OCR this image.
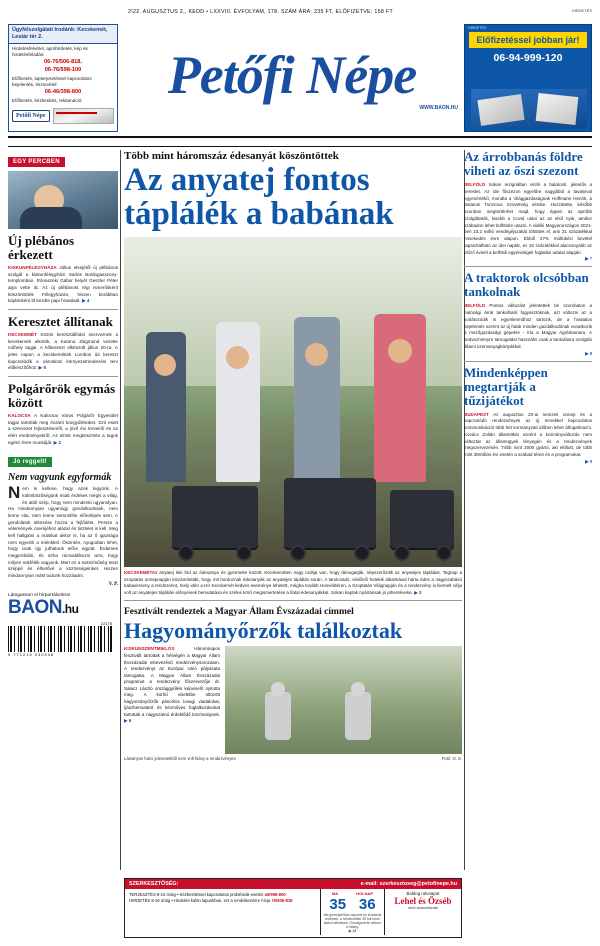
2\22. AUGUSZTUS 2., KEDD • LXXVIII. ÉVFOLYAM, 178. SZÁM ÁRA: 235 FT, ELŐFIZETVE: 158 FT	HIRDETÉS
Ügyfélszolgálati Irodánk: Kecskemét, Lestár tér 2.
Hirdetésfelvétel, apróhirdetés, kép és hirdetésfeladás:
06-76/506-818,
06-76/598-100
Előfizetés, lapterjesztéssel kapcsolatos bejelentés, észrevétel:
06-46/398-800
Előfizetés, kézbesítés, reklamáció:
Petőfi Népe
Petőfi Népe
WWW.BAON.HU
HIRDETÉS
Előfizetéssel jobban jár!
06-94-999-120
EGY PERCBEN
Új plébános érkezett
KISKUNFÉLEGYHÁZA Július elsejétől új plébános szolgál a kiskunfélegyházi Sarlós Boldogasszony-templomban. Rónaszéki Gábor helyét Geszler Péter atya vette át. Az új plébánost régi ismerősként köszöntötték Félegyházán, hiszen korábban káplánként itt kezdte papi hivatását. ▶ 4
Keresztet állítanak
KECSKEMÉT Közös keresztállítást szerveznek a kecskeméti alkotók, a Katona Zsigmond vezette műhely tagjai. A kőkereszt elkészült július 20-ra. A jeles napon a kecskemétiek Lombos úti kereszt kapcsolódik a városközi környezetrendezési terv előkészítőhöz. ▶ 5
Polgárőrök egymás között
KALOCSA A Kalocsai Város Polgárőr Egyesület tagjai tartották meg évzáró közgyűlésüket. Szó esett a szervezet fejlesztéseiről, a jövő évi terveiről és az elért eredményekről. Az elnök megköszönte a tagok egész éves munkáját. ▶ 2
Jó reggelt!
Nem vagyunk egyformák
Nem is kellene, hogy azok legyünk. A különbözőségünk miatt érdekes mégis a világ, és attól szép, hogy nem mindenki ugyanolyan. Ha mindannyian ugyanúgy gondolkodnánk, nem lenne vita, nem lenne semmiféle előrelépés sem. A gondolatok ütközése hozza a fejlődést. Persze a vélemények cseréjéhez alázat és tisztelet is kell. Meg kell hallgatni a másikat akkor is, ha az ő igazsága nem egyezik a miénkkel. Őszintén, nyugodtan lehet, hogy csak így juthatunk előre együtt. Érdemes megpróbálni, és néha rácsodálkozni arra, hogy milyen sokfélék vagyunk. Mert ez a sokszínűség teszi széppé és élhetővé a közösségeinket. Hiszen mindannyian mást tudunk hozzáadni.
V. P.
Látogasson el hírportálunkra!
BAON.hu
22178
9 771215 030438
Több mint háromszáz édesanyát köszöntöttek
Az anyatej fontos táplálék a babának
KECSKEMÉTAz anyatej leki híd az édesanya és gyermeke között. Kecskeméten nagy múltja van, hogy támogatják, népszerűsítik az anyatejes táplálást. Tegnap a szoptatás ünnepnapján kiszámították, hogy mit hordoznak édesanyák az anyatejes táplálás során. A tanácsadó, védőnői hetekik alkalmával hárta édes a nagyszabású babaverseny a rendszerint, mely idén a Hír Kecskemét kedves eseménye lehetett, mégha tovább Honvédtéren, a Szoptatás Világnapján és a rendezvény is kiemelt célja volt az anyatejes táplálás előnyeinek bemutatása és széles körű megismertetése a fiatal édesanyákkal. Sokan kaptak nyártánsak jó pihentéveke. ▶ 3
Fesztivált rendeztek a Magyar Állam Évszázadai címmel
Hagyományőrzők találkoztak
KISKUNSZENTMIKLÓS Háromnapos fesztivált tartottak a hétvégén a Magyar Állam Évszázadai elnevezésű rendezvénysorozaton. A rendezvényt az Európai Unió pályázata támogatta. A Magyar Állam Évszázadai programot a rendezvény főszervezője dr. Salacz László országgyűlési képviselő nyitotta meg. A korhű viseletbe öltözött hagyományőrzők páncélos lovagi viadalokat, íjászbemutatót és kézműves foglalkozásokat tartottak a nagyszámú érdeklődő közönségnek. ▶ 6
Látványos harci jelenetekből nem volt hiány a rendezvényen	Fotó: O. S.
Az árrobbanás földre viheti az őszi szezont
BELFÖLD Sokan rezignáltan nézik a balatonli, jelentős a kereslet. Az ide főszezon egyelőre nagyjából a tavalyival egyenértékű, mondta a Világgazdaságnak Hoffmann Henrik, a Balatoni Turizmus Szövetség elnöke. Hozzátette, később azonban megtörténhet majd, hogy éppen az apróbb szolgáltatók, kisebb a Covid utáni az az első nyár, amikor szabadon lehet külföldre utazni. A vidéki Magyarországon 2021-ben 23,2 millió vendégéjszakát töltöttek el, ami 21 százalékkal növekedés évre alapon. Ebből 27% múltúkézi bevétel tapasztalható az idei naptár, ez 32 százalékkal alacsonyabb az előző évinél a belföldi egyéniségek foglalási adatai alapján.
▶ 7
A traktorok olcsóbban tankolnak
BELFÖLD Pontos változást jelentettek be szombaton a hatósági árral tankolható fogyasztóknak, azt változni az a korlátozódik is egyetlenműhöz tartozik, de a hivatalos bejelentés szerint az új határ minden gazdálkodónak vonatkozik a mezőgazdasági gépekre - írta a Magyar Agrárkamara. A kedvezményre támogatást használni csak a tankolásra szolgáló állami üzemanyagkártyákkal.
▶ 8
Mindenképpen megtartják a tűzijátékot
BUDAPEST Az augusztus 20-ai nemzeti ünnep és a kapcsolódó rendezvények az új tervekkel kapcsolatos kommunikációt több hét kormányzati időben lehet átfogalmazni. Kovács Zoltán államtitkár szerint a kormányváltozás nem változtat az államügyek lényegén és a rendezvények megszervezésén. Több mint 2000 gyártó, aki eltiltott, de több mint 38milliós évi esetén a szabad téren és a programokat.
▶ 9
SZERKESZTŐSÉG:	e-mail: szerkesztoseg@petofinepe.hu
TERJESZTÉS 8-16 óráig • Kézbesítéssel kapcsolatos problémák esetén 46/998-800
HIRDETÉS 8-16 óráig • Hirdetés külön lapunkban, ezt a rendelkezésre hívja 76/506-818
MA	HOLNAP
35 36
Ma gomolyfelhős záporok és zivatarok lehetnek, a hőmérséklet 35 fok körül alakul délutánra. Országszerte változó a hőség.
▶ 13
Boldog névnapot
Lehel és Özséb
nevű olvasóinknak!
